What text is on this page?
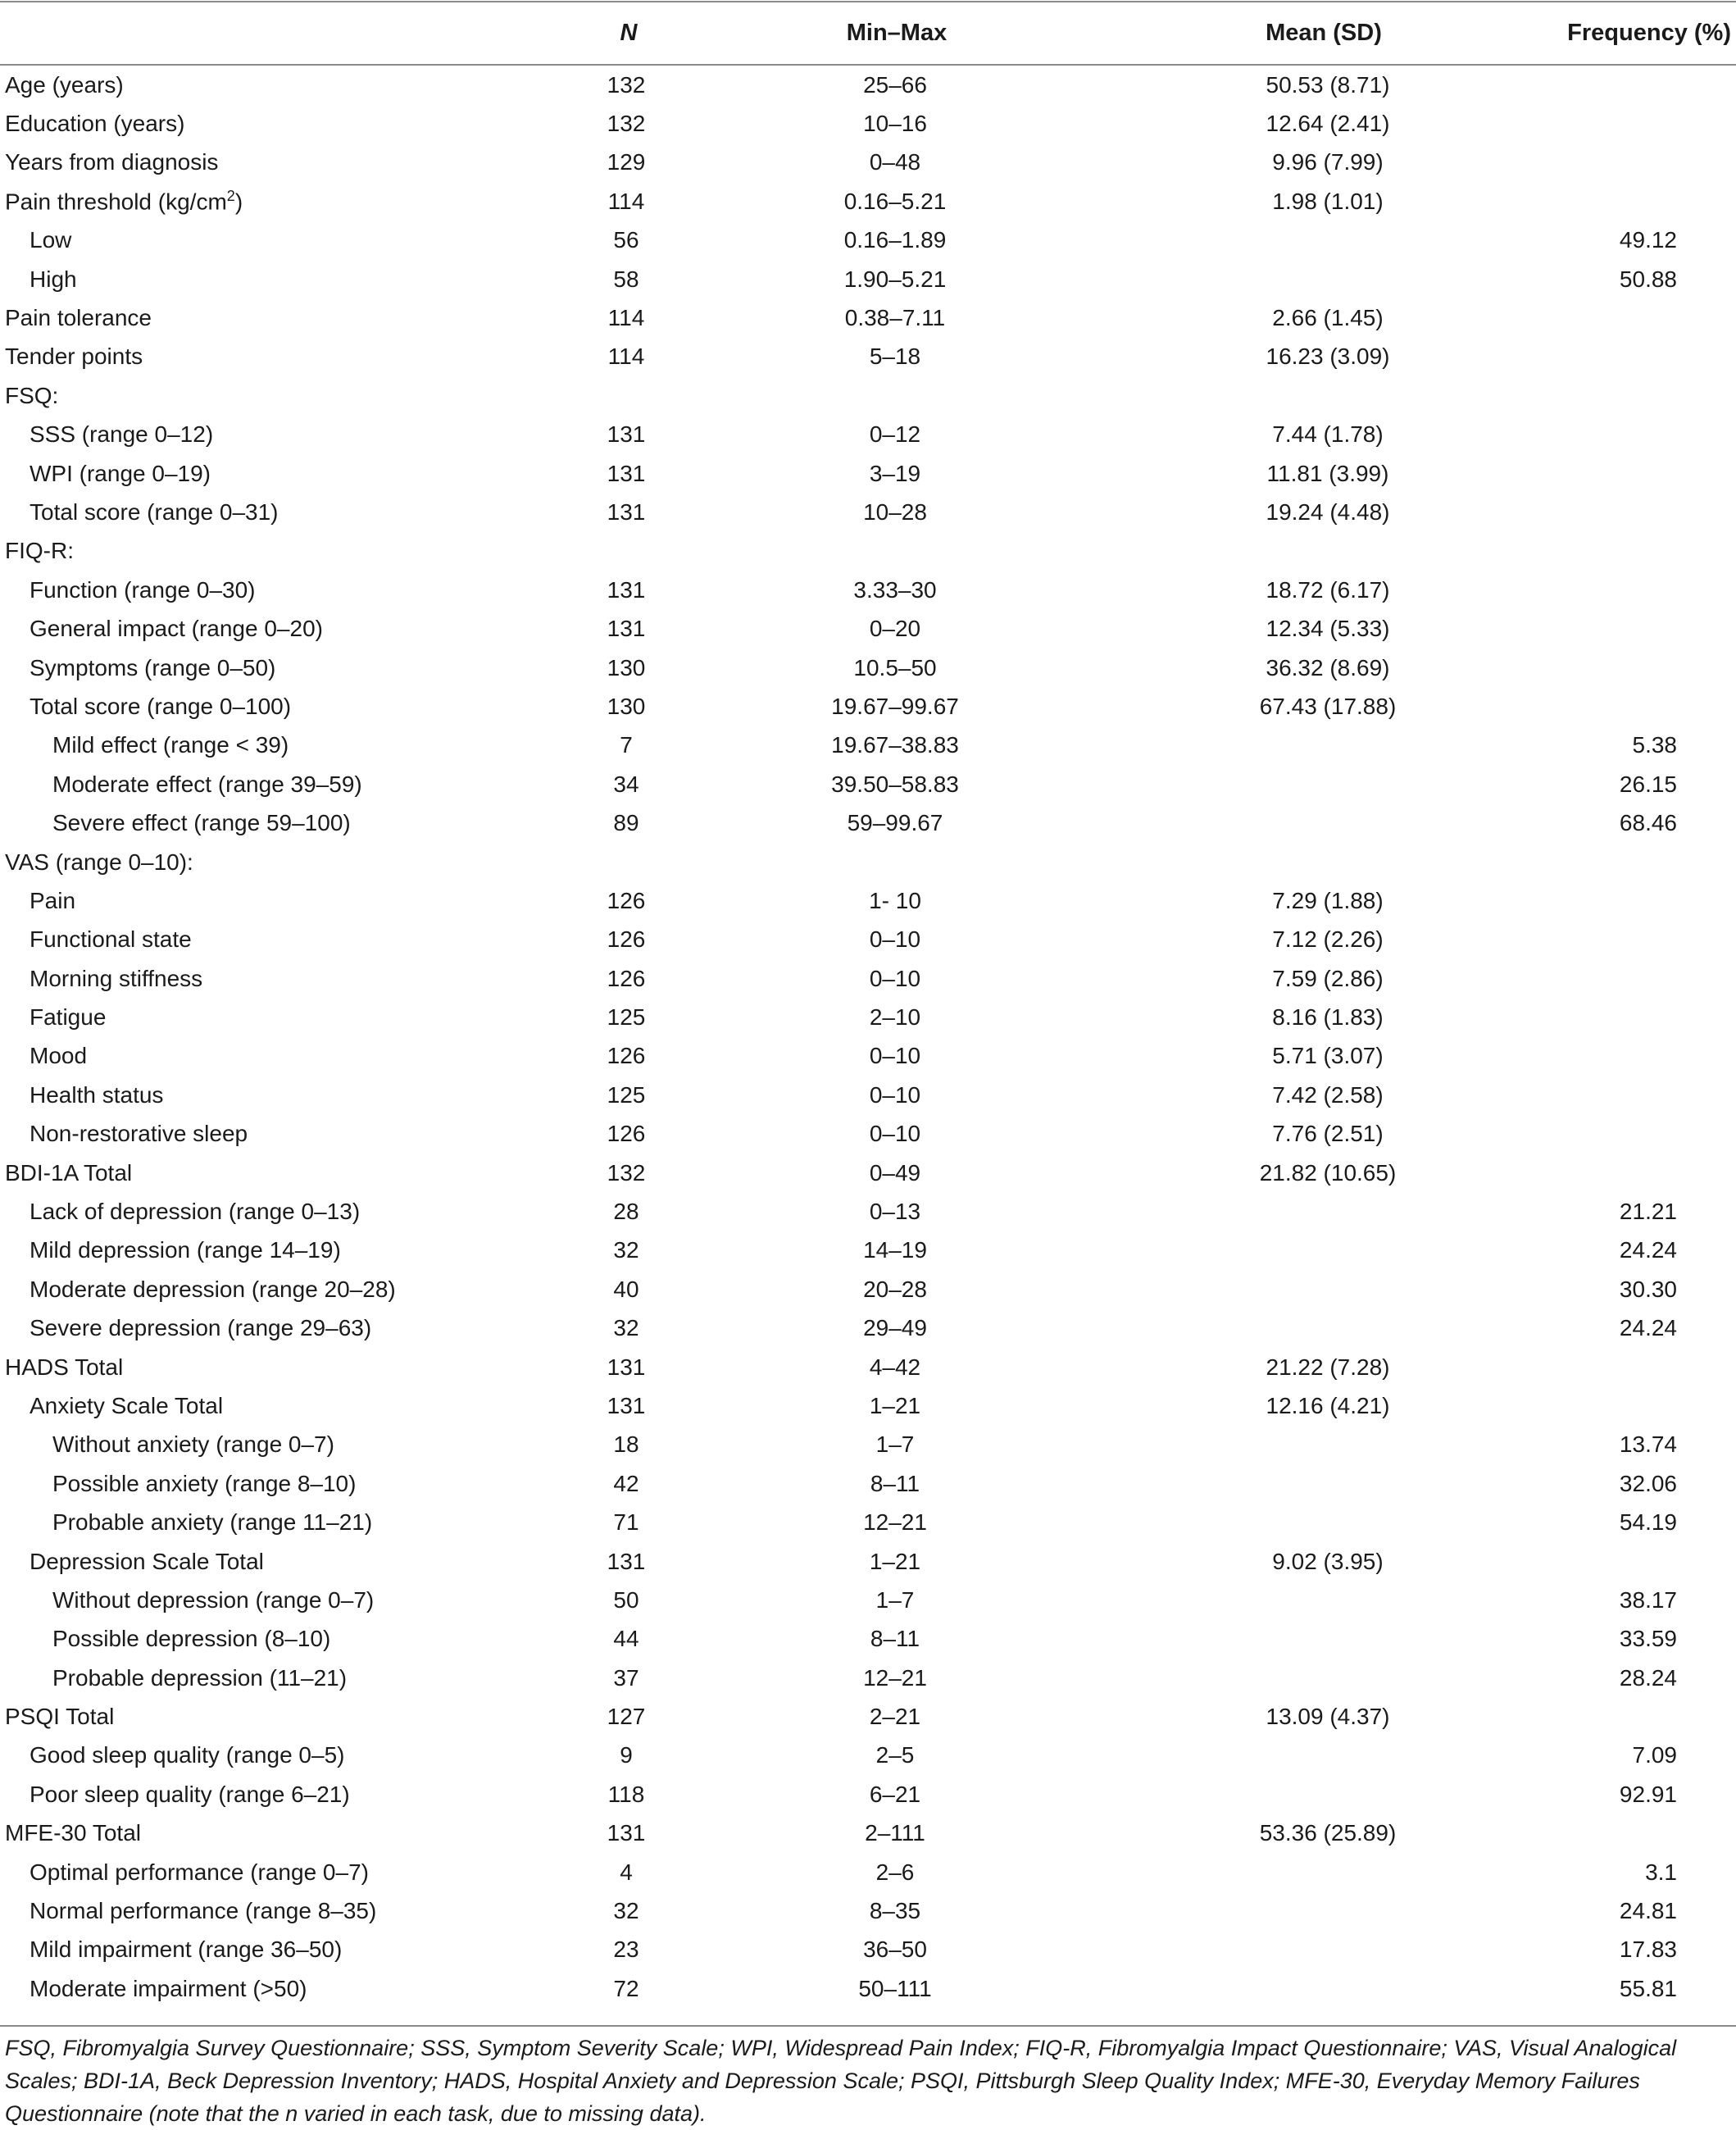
	N	Min–Max	Mean (SD)	Frequency (%)
Age (years)	132	25–66	50.53 (8.71)	
Education (years)	132	10–16	12.64 (2.41)	
Years from diagnosis	129	0–48	9.96 (7.99)	
Pain threshold $(kg/cm^2)$	114	0.16–5.21	1.98 (1.01)	
Low	56	0.16–1.89		49.12
High	58	1.90–5.21		50.88
Pain tolerance	114	0.38–7.11	2.66 (1.45)	
Tender points	114	5–18	16.23 (3.09)	
FSQ:				
SSS (range 0–12)	131	0–12	7.44 (1.78)	
WPI (range 0–19)	131	3–19	11.81 (3.99)	
Total score (range 0–31)	131	10–28	19.24 (4.48)	
FIQ-R:				
Function (range 0–30)	131	3.33–30	18.72 (6.17)	
General impact (range 0–20)	131	0–20	12.34 (5.33)	
Symptoms (range 0–50)	130	10.5–50	36.32 (8.69)	
Total score (range 0–100)	130	19.67–99.67	67.43 (17.88)	
Mild effect (range < 39)	7	19.67–38.83		5.38
Moderate effect (range 39–59)	34	39.50–58.83		26.15
Severe effect (range 59–100)	89	59–99.67		68.46
VAS (range 0–10):				
Pain	126	1- 10	7.29 (1.88)	
Functional state	126	0–10	7.12 (2.26)	
Morning stiffness	126	0–10	7.59 (2.86)	
Fatigue	125	2–10	8.16 (1.83)	
Mood	126	0–10	5.71 (3.07)	
Health status	125	0–10	7.42 (2.58)	
Non-restorative sleep	126	0–10	7.76 (2.51)	
BDI-1A Total	132	0–49	21.82 (10.65)	
Lack of depression (range 0–13)	28	0–13		21.21
Mild depression (range 14–19)	32	14–19		24.24
Moderate depression (range 20–28)	40	20–28		30.30
Severe depression (range 29–63)	32	29–49		24.24
HADS Total	131	4–42	21.22 (7.28)	
Anxiety Scale Total	131	1–21	12.16 (4.21)	
Without anxiety (range 0–7)	18	1–7		13.74
Possible anxiety (range 8–10)	42	8–11		32.06
Probable anxiety (range 11–21)	71	12–21		54.19
Depression Scale Total	131	1–21	9.02 (3.95)	
Without depression (range 0–7)	50	1–7		38.17
Possible depression (8–10)	44	8–11		33.59
Probable depression (11–21)	37	12–21		28.24
PSQI Total	127	2–21	13.09 (4.37)	
Good sleep quality (range 0–5)	9	2–5		7.09
Poor sleep quality (range 6–21)	118	6–21		92.91
MFE-30 Total	131	2–111	53.36 (25.89)	
Optimal performance (range 0–7)	4	2–6		3.1
Normal performance (range 8–35)	32	8–35		24.81
Mild impairment (range 36–50)	23	36–50		17.83
Moderate impairment (>50)	72	50–111		55.81
FSQ, Fibromyalgia Survey Questionnaire; SSS, Symptom Severity Scale; WPI, Widespread Pain Index; FIQ-R, Fibromyalgia Impact Questionnaire; VAS, Visual Analogical Scales; BDI-1A, Beck Depression Inventory; HADS, Hospital Anxiety and Depression Scale; PSQI, Pittsburgh Sleep Quality Index; MFE-30, Everyday Memory Failures Questionnaire (note that the n varied in each task, due to missing data).
